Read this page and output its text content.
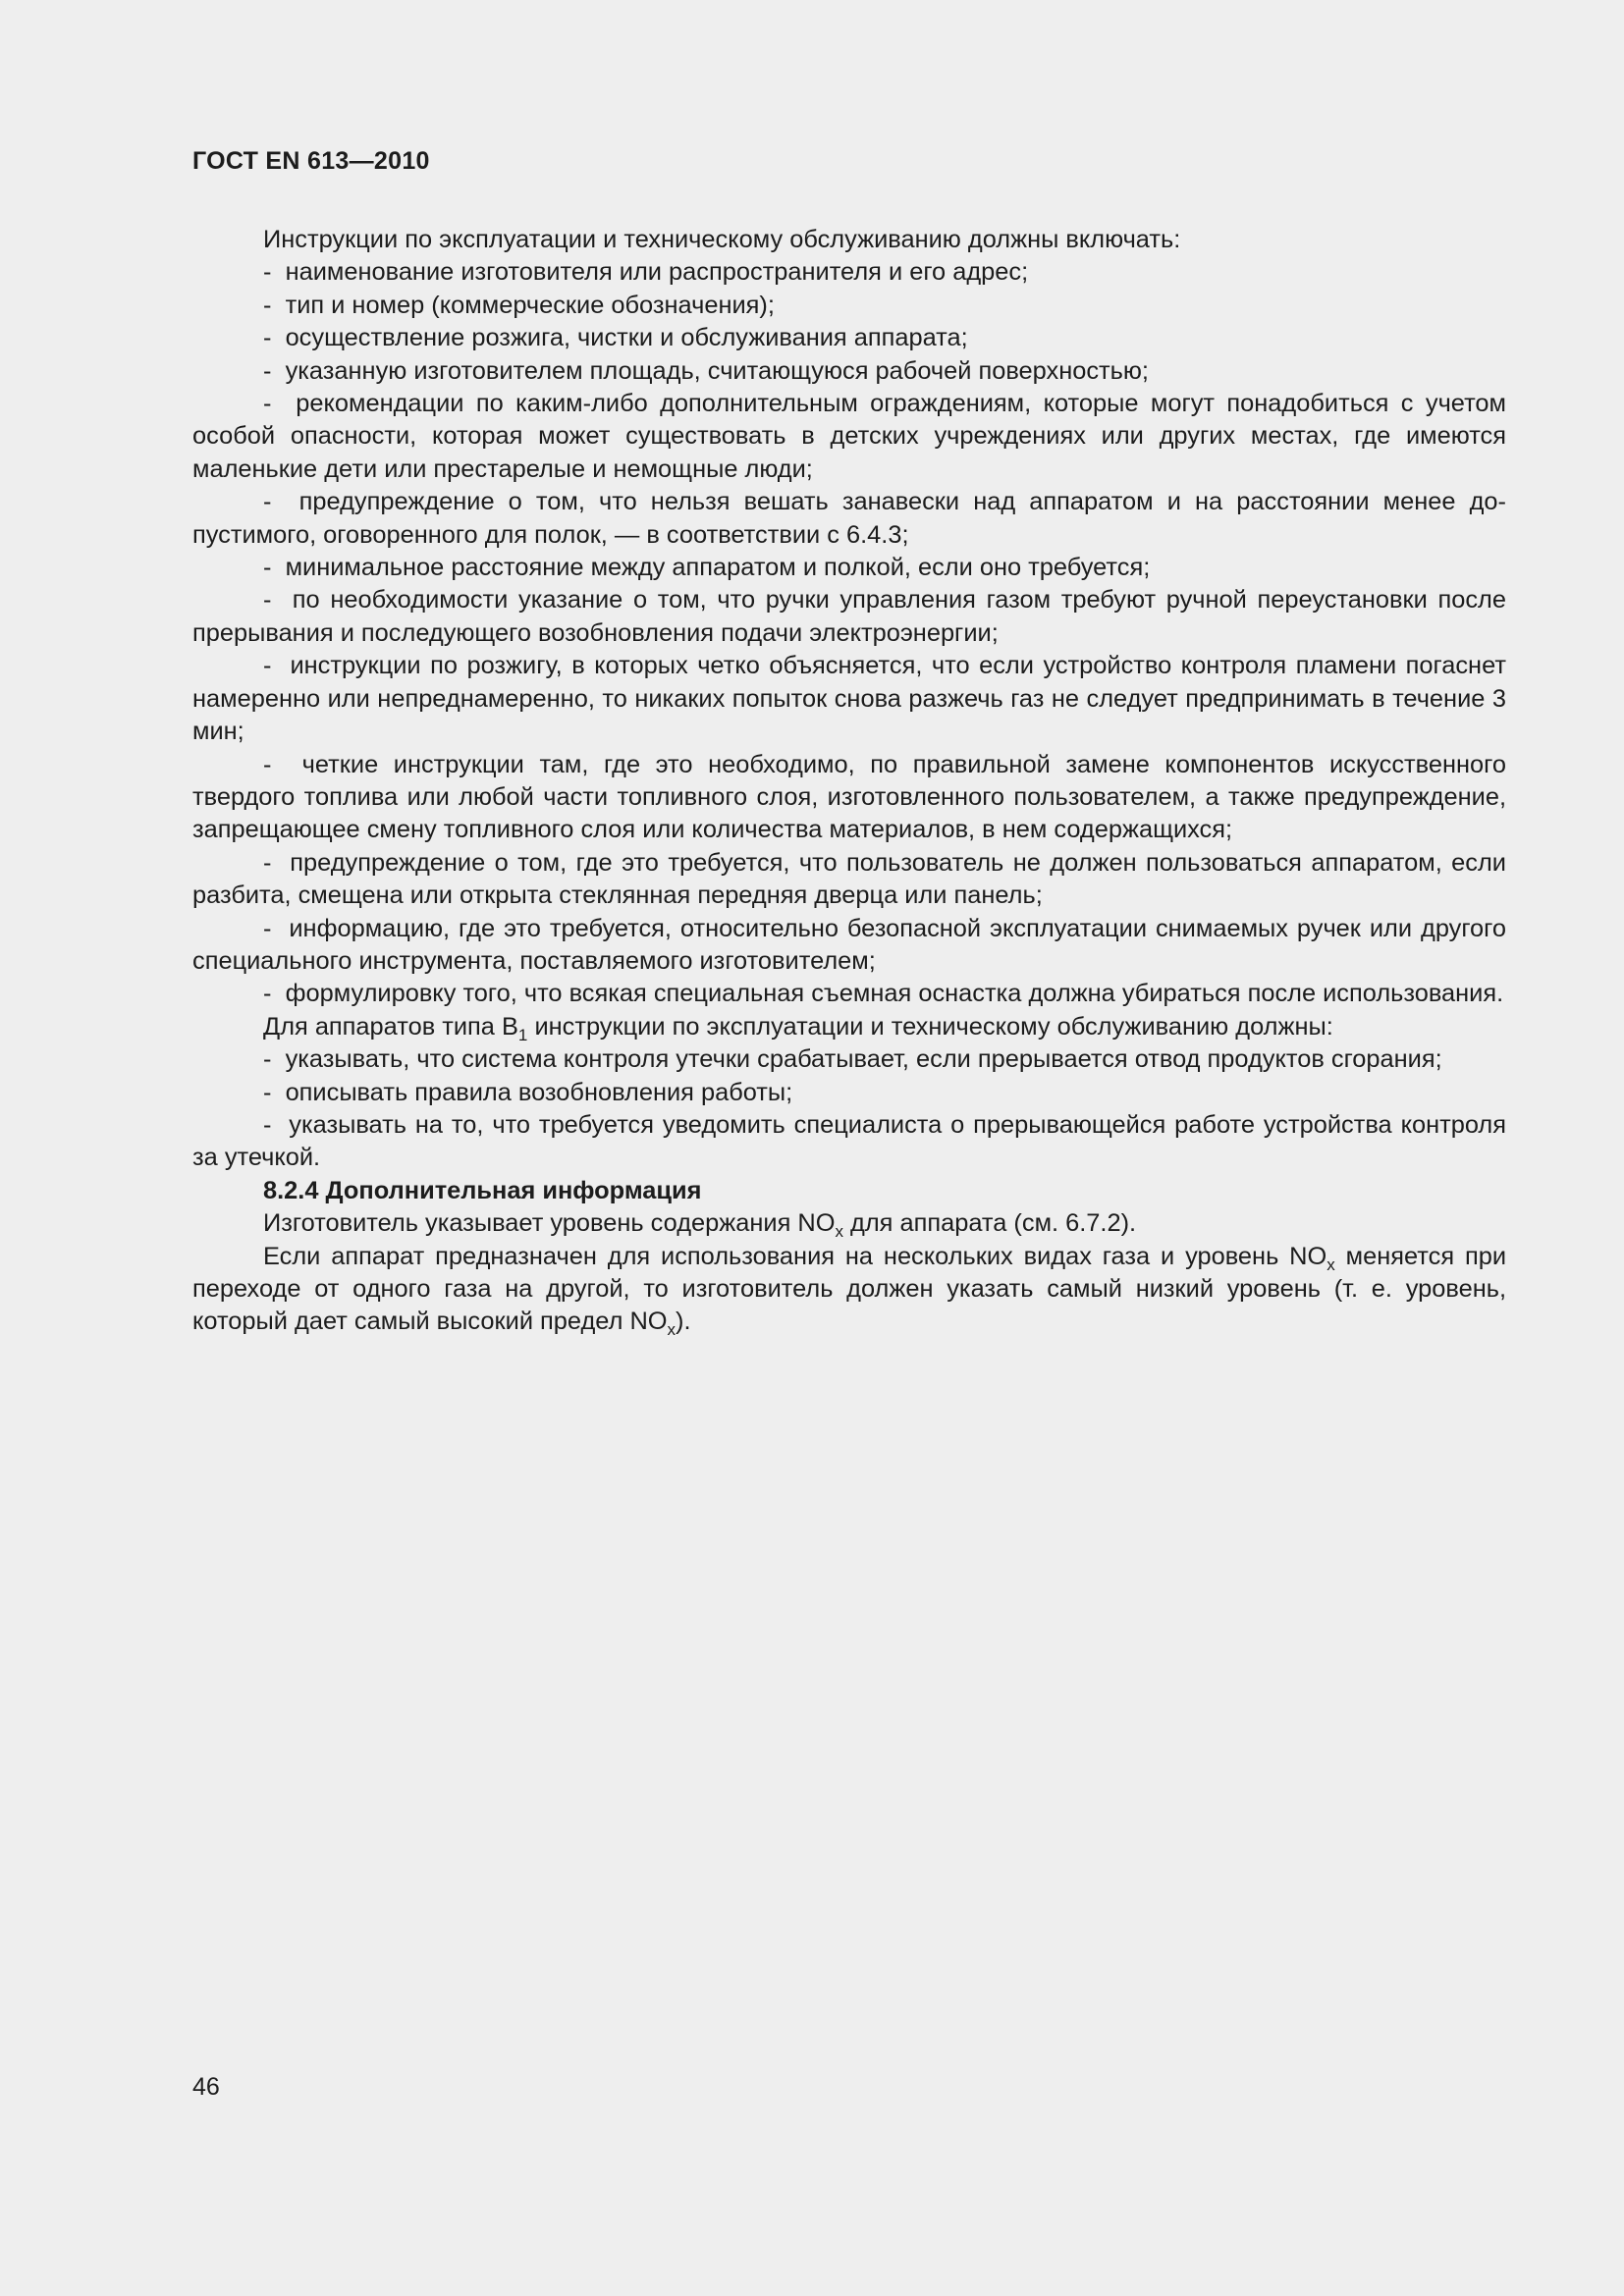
ГОСТ EN 613—2010

Инструкции по эксплуатации и техническому обслуживанию должны включать:

-  наименование изготовителя или распространителя и его адрес;

-  тип и номер (коммерческие обозначения);

-  осуществление розжига, чистки и обслуживания аппарата;

-  указанную изготовителем площадь, считающуюся рабочей поверхностью;

-  рекомендации по каким-либо дополнительным ограждениям, которые могут понадобиться с учетом особой опасности, которая может существовать в детских учреждениях или других местах, где имеются маленькие дети или престарелые и немощные люди;

-  предупреждение о том, что нельзя вешать занавески над аппаратом и на расстоянии менее допустимого, оговоренного для полок, — в соответствии с 6.4.3;

-  минимальное расстояние между аппаратом и полкой, если оно требуется;

-  по необходимости указание о том, что ручки управления газом требуют ручной переустановки после прерывания и последующего возобновления подачи электроэнергии;

-  инструкции по розжигу, в которых четко объясняется, что если устройство контроля пламени погаснет намеренно или непреднамеренно, то никаких попыток снова разжечь газ не следует предпринимать в течение 3 мин;

-  четкие инструкции там, где это необходимо, по правильной замене компонентов искусственного твердого топлива или любой части топливного слоя, изготовленного пользователем, а также предупреждение, запрещающее смену топливного слоя или количества материалов, в нем содержащихся;

-  предупреждение о том, где это требуется, что пользователь не должен пользоваться аппаратом, если разбита, смещена или открыта стеклянная передняя дверца или панель;

-  информацию, где это требуется, относительно безопасной эксплуатации снимаемых ручек или другого специального инструмента, поставляемого изготовителем;

-  формулировку того, что всякая специальная съемная оснастка должна убираться после использования.

Для аппаратов типа $В_1$ инструкции по эксплуатации и техническому обслуживанию должны:

-  указывать, что система контроля утечки срабатывает, если прерывается отвод продуктов сгорания;

-  описывать правила возобновления работы;

-  указывать на то, что требуется уведомить специалиста о прерывающейся работе устройства контроля за утечкой.

8.2.4 Дополнительная информация

Изготовитель указывает уровень содержания $NO_x$ для аппарата (см. 6.7.2).

Если аппарат предназначен для использования на нескольких видах газа и уровень $NO_x$ меняется при переходе от одного газа на другой, то изготовитель должен указать самый низкий уровень (т. е. уровень, который дает самый высокий предел $NO_x$).

46
